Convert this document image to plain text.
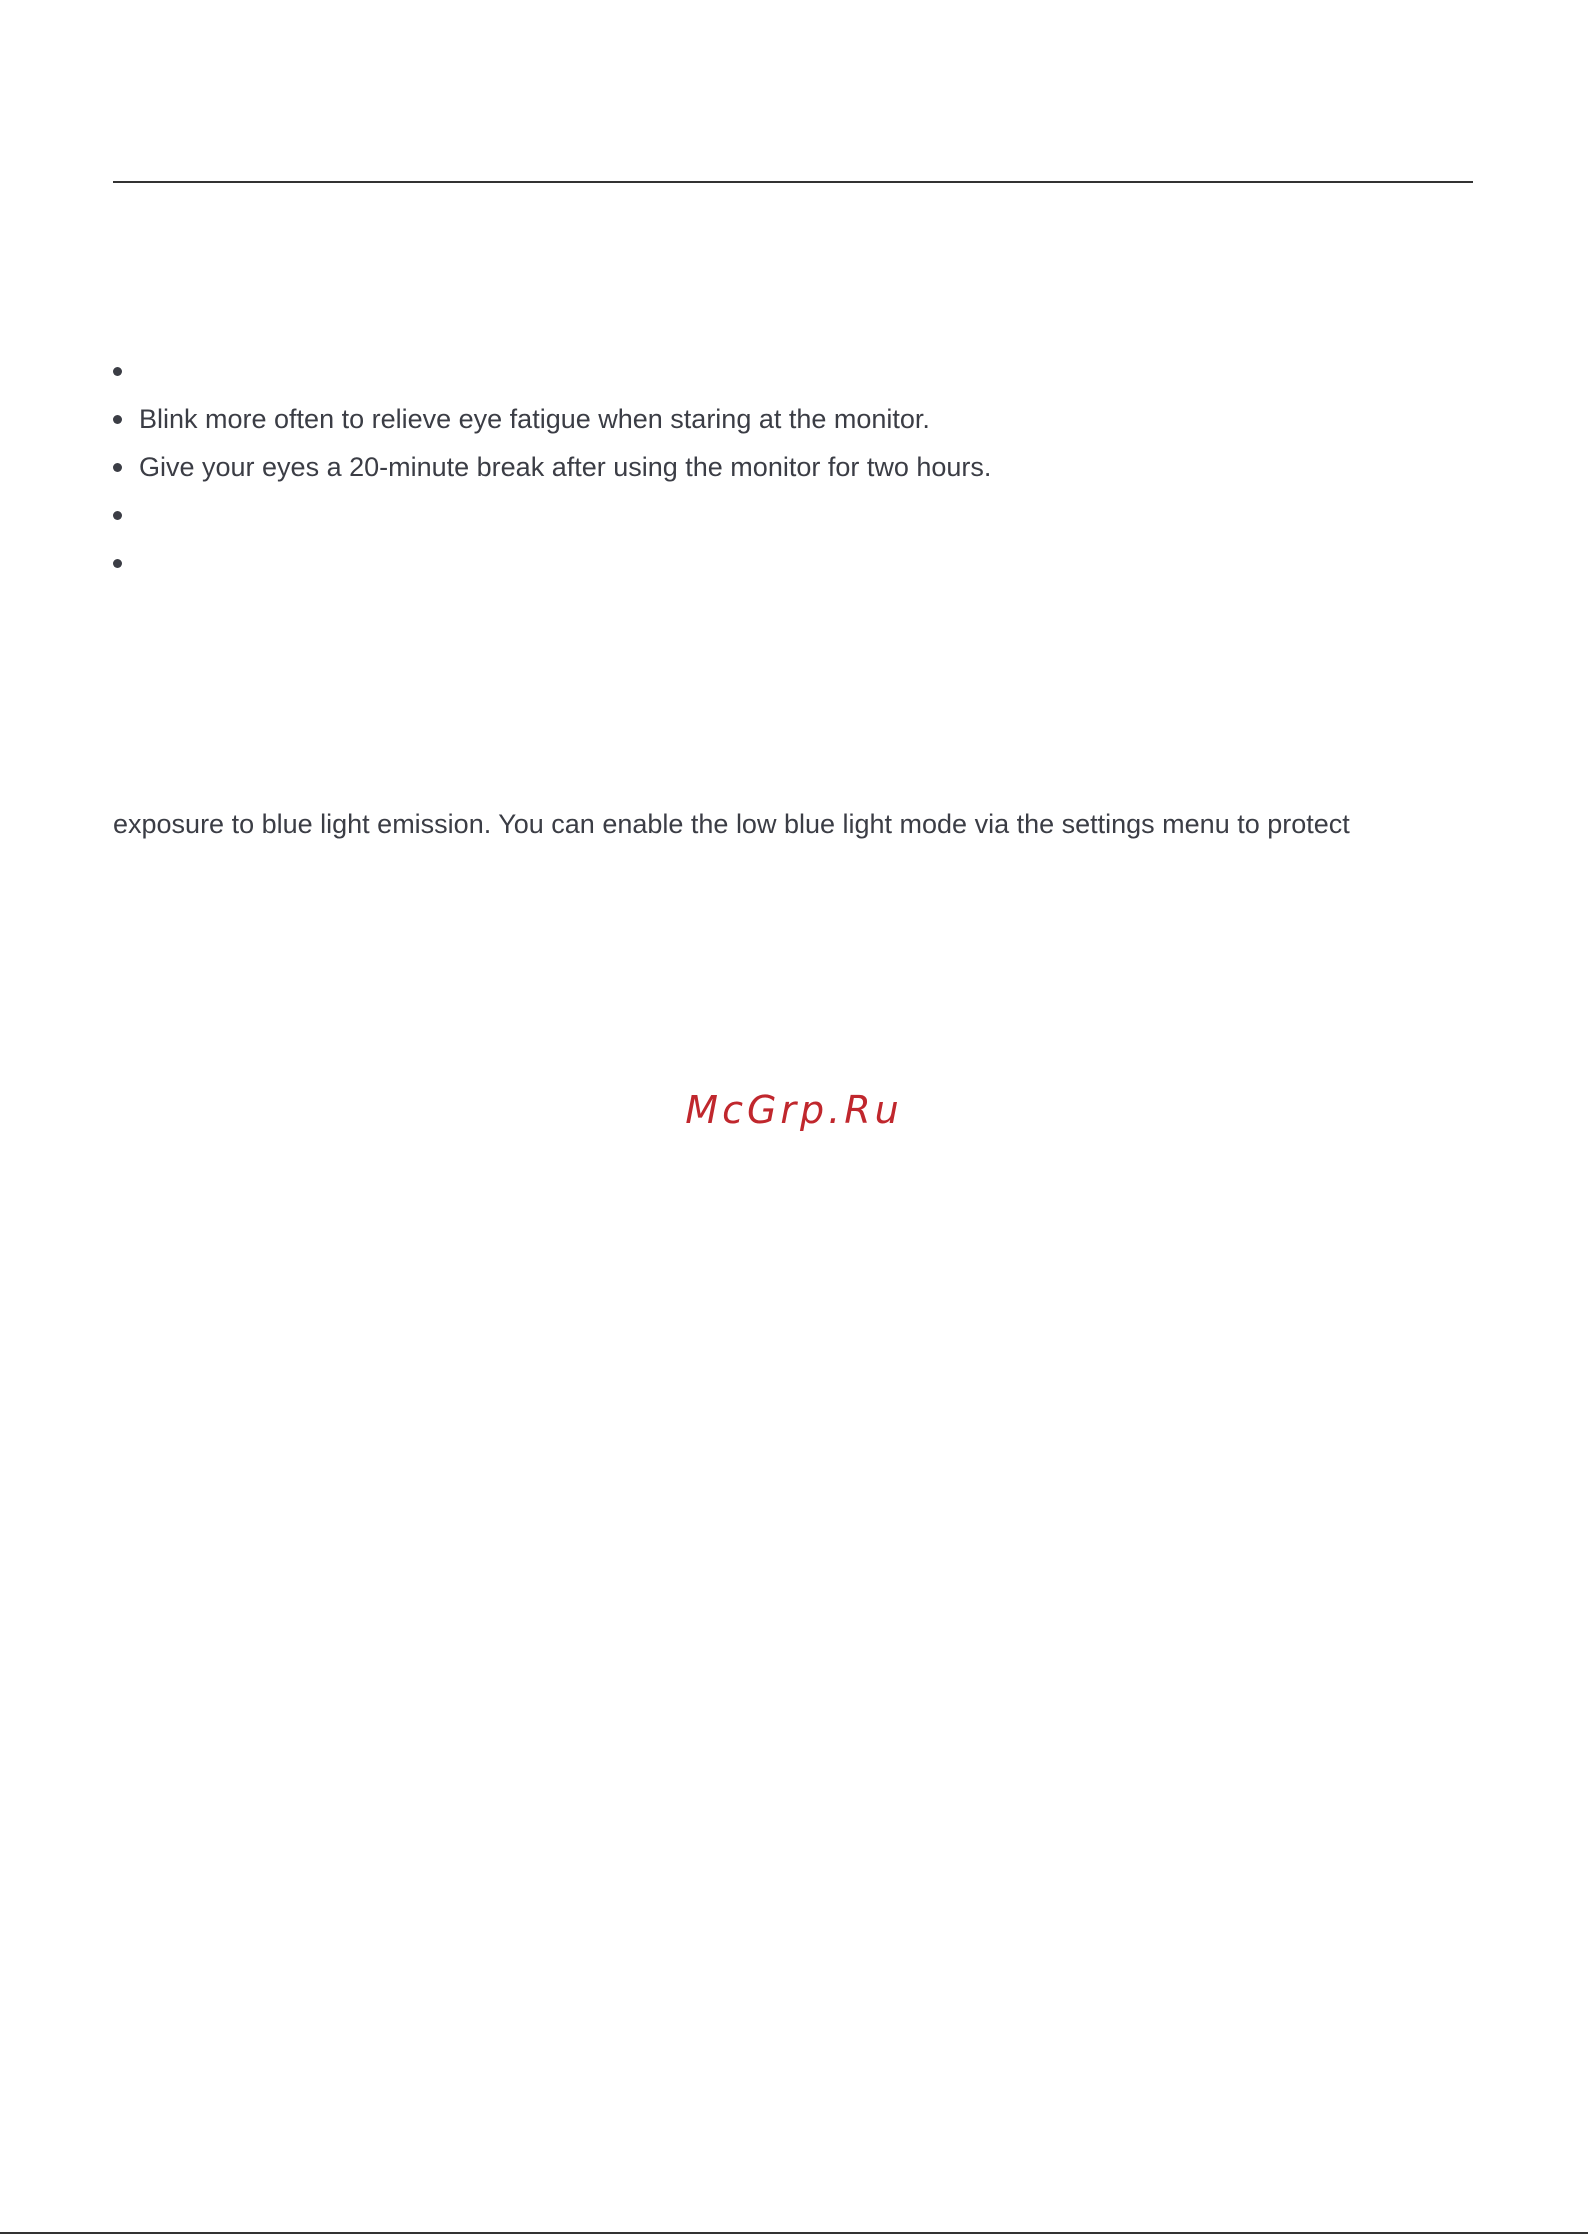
Blink more often to relieve eye fatigue when staring at the monitor.
Give your eyes a 20-minute break after using the monitor for two hours.

exposure to blue light emission. You can enable the low blue light mode via the settings menu to protect

McGrp.Ru
